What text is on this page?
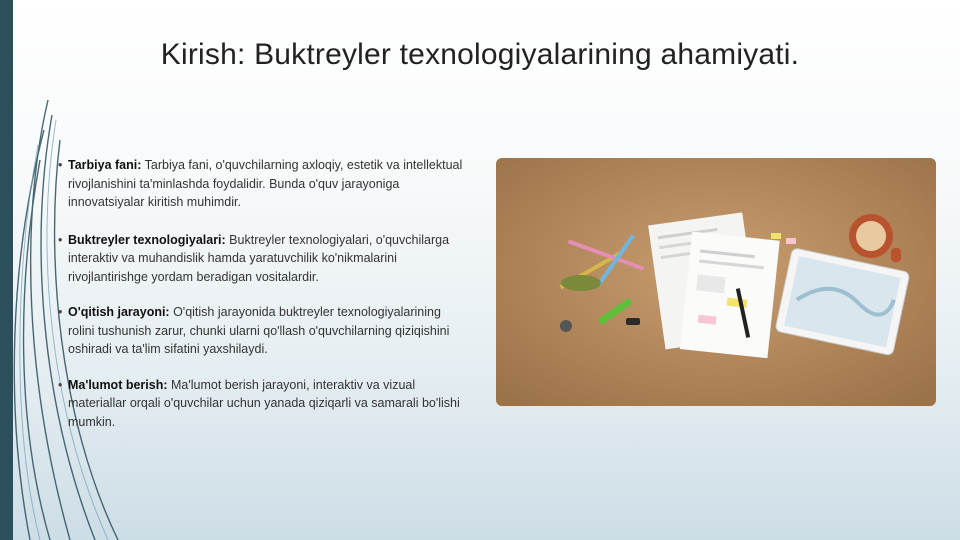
Kirish: Buktreyler texnologiyalarining ahamiyati.
• Tarbiya fani: Tarbiya fani, o'quvchilarning axloqiy, estetik va intellektual rivojlanishini ta'minlashda foydalidir. Bunda o'quv jarayoniga innovatsiyalar kiritish muhimdir.
• Buktreyler texnologiyalari: Buktreyler texnologiyalari, o'quvchilarga interaktiv va muhandislik hamda yaratuvchilik ko'nikmalarini rivojlantirishge yordam beradigan vositalardir.
• O'qitish jarayoni: O'qitish jarayonida buktreyler texnologiyalarining rolini tushunish zarur, chunki ularni qo'llash o'quvchilarning qiziqishini oshiradi va ta'lim sifatini yaxshilaydi.
• Ma'lumot berish: Ma'lumot berish jarayoni, interaktiv va vizual materiallar orqali o'quvchilar uchun yanada qiziqarli va samarali bo'lishi mumkin.
